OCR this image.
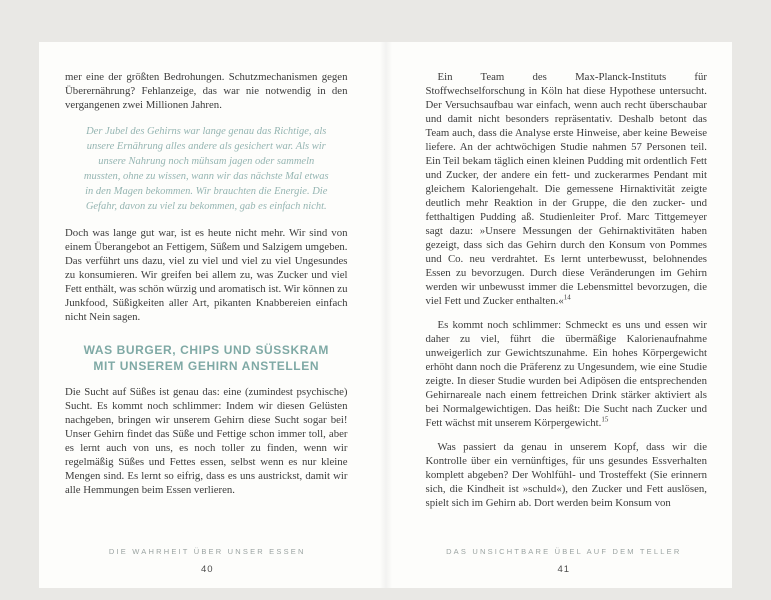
mer eine der größten Bedrohungen. Schutzmechanismen gegen Überernährung? Fehlanzeige, das war nie notwendig in den vergangenen zwei Millionen Jahren.

Der Jubel des Gehirns war lange genau das Richtige, als unsere Ernährung alles andere als gesichert war. Als wir unsere Nahrung noch mühsam jagen oder sammeln mussten, ohne zu wissen, wann wir das nächste Mal etwas in den Magen bekommen. Wir brauchten die Energie. Die Gefahr, davon zu viel zu bekommen, gab es einfach nicht.

Doch was lange gut war, ist es heute nicht mehr. Wir sind von einem Überangebot an Fettigem, Süßem und Salzigem umgeben. Das verführt uns dazu, viel zu viel und viel zu viel Ungesundes zu konsumieren. Wir greifen bei allem zu, was Zucker und viel Fett enthält, was schön würzig und aromatisch ist. Wir können zu Junkfood, Süßigkeiten aller Art, pikanten Knabbereien einfach nicht Nein sagen.

WAS BURGER, CHIPS UND SÜSSKRAM MIT UNSEREM GEHIRN ANSTELLEN

Die Sucht auf Süßes ist genau das: eine (zumindest psychische) Sucht. Es kommt noch schlimmer: Indem wir diesen Gelüsten nachgeben, bringen wir unserem Gehirn diese Sucht sogar bei! Unser Gehirn findet das Süße und Fettige schon immer toll, aber es lernt auch von uns, es noch toller zu finden, wenn wir regelmäßig Süßes und Fettes essen, selbst wenn es nur kleine Mengen sind. Es lernt so eifrig, dass es uns austrickst, damit wir alle Hemmungen beim Essen verlieren.

DIE WAHRHEIT ÜBER UNSER ESSEN
40

Ein Team des Max-Planck-Instituts für Stoffwechselforschung in Köln hat diese Hypothese untersucht. Der Versuchsaufbau war einfach, wenn auch recht überschaubar und damit nicht besonders repräsentativ. Deshalb betont das Team auch, dass die Analyse erste Hinweise, aber keine Beweise liefere. An der achtwöchigen Studie nahmen 57 Personen teil. Ein Teil bekam täglich einen kleinen Pudding mit ordentlich Fett und Zucker, der andere ein fett- und zuckerarmes Pendant mit gleichem Kaloriengehalt. Die gemessene Hirnaktivität zeigte deutlich mehr Reaktion in der Gruppe, die den zucker- und fetthaltigen Pudding aß. Studienleiter Prof. Marc Tittgemeyer sagt dazu: »Unsere Messungen der Gehirnaktivitäten haben gezeigt, dass sich das Gehirn durch den Konsum von Pommes und Co. neu verdrahtet. Es lernt unterbewusst, belohnendes Essen zu bevorzugen. Durch diese Veränderungen im Gehirn werden wir unbewusst immer die Lebensmittel bevorzugen, die viel Fett und Zucker enthalten.«$^{14}$

Es kommt noch schlimmer: Schmeckt es uns und essen wir daher zu viel, führt die übermäßige Kalorienaufnahme unweigerlich zur Gewichtszunahme. Ein hohes Körpergewicht erhöht dann noch die Präferenz zu Ungesundem, wie eine Studie zeigte. In dieser Studie wurden bei Adipösen die entsprechenden Gehirnareale nach einem fettreichen Drink stärker aktiviert als bei Normalgewichtigen. Das heißt: Die Sucht nach Zucker und Fett wächst mit unserem Körpergewicht.$^{15}$

Was passiert da genau in unserem Kopf, dass wir die Kontrolle über ein vernünftiges, für uns gesundes Essverhalten komplett abgeben? Der Wohlfühl- und Trosteffekt (Sie erinnern sich, die Kindheit ist »schuld«), den Zucker und Fett auslösen, spielt sich im Gehirn ab. Dort werden beim Konsum von

DAS UNSICHTBARE ÜBEL AUF DEM TELLER
41
